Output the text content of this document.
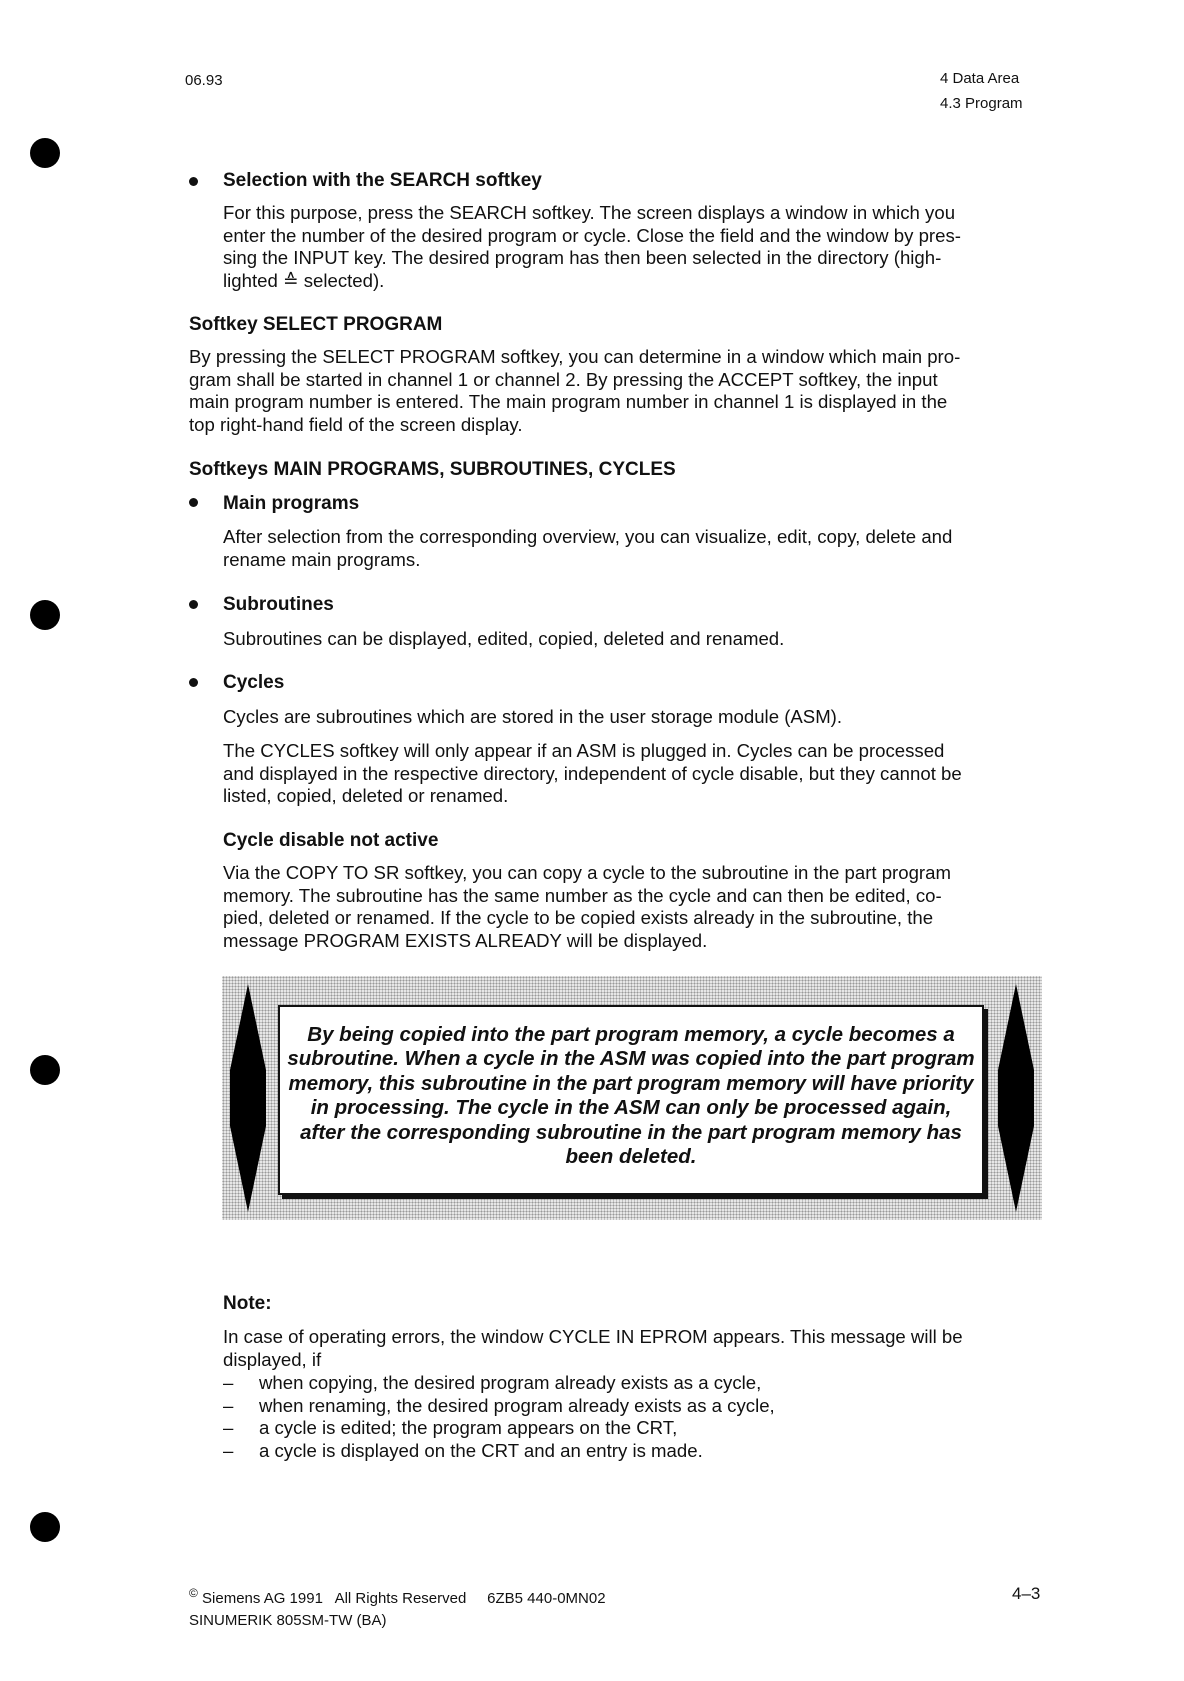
06.93	4 Data Area
4.3 Program
Selection with the SEARCH softkey
For this purpose, press the SEARCH softkey. The screen displays a window in which you
enter the number of the desired program or cycle. Close the field and the window by pres-
sing the INPUT key. The desired program has then been selected in the directory (high-
lighted ≙ selected).
Softkey SELECT PROGRAM
By pressing the SELECT PROGRAM softkey, you can determine in a window which main pro-
gram shall be started in channel 1 or channel 2. By pressing the ACCEPT softkey, the input
main program number is entered. The main program number in channel 1 is displayed in the
top right-hand field of the screen display.
Softkeys MAIN PROGRAMS, SUBROUTINES, CYCLES
Main programs
After selection from the corresponding overview, you can visualize, edit, copy, delete and
rename main programs.
Subroutines
Subroutines can be displayed, edited, copied, deleted and renamed.
Cycles
Cycles are subroutines which are stored in the user storage module (ASM).
The CYCLES softkey will only appear if an ASM is plugged in. Cycles can be processed
and displayed in the respective directory, independent of cycle disable, but they cannot be
listed, copied, deleted or renamed.
Cycle disable not active
Via the COPY TO SR softkey, you can copy a cycle to the subroutine in the part program
memory. The subroutine has the same number as the cycle and can then be edited, co-
pied, deleted or renamed. If the cycle to be copied exists already in the subroutine, the
message PROGRAM EXISTS ALREADY will be displayed.
By being copied into the part program memory, a cycle becomes a
subroutine. When a cycle in the ASM was copied into the part program
memory, this subroutine in the part program memory will have priority
in processing. The cycle in the ASM can only be processed again,
after the corresponding subroutine in the part program memory has
been deleted.
Note:
In case of operating errors, the window CYCLE IN EPROM appears. This message will be
displayed, if
– when copying, the desired program already exists as a cycle,
– when renaming, the desired program already exists as a cycle,
– a cycle is edited; the program appears on the CRT,
– a cycle is displayed on the CRT and an entry is made.
© Siemens AG 1991   All Rights Reserved     6ZB5 440-0MN02
SINUMERIK 805SM-TW (BA)
4–3
